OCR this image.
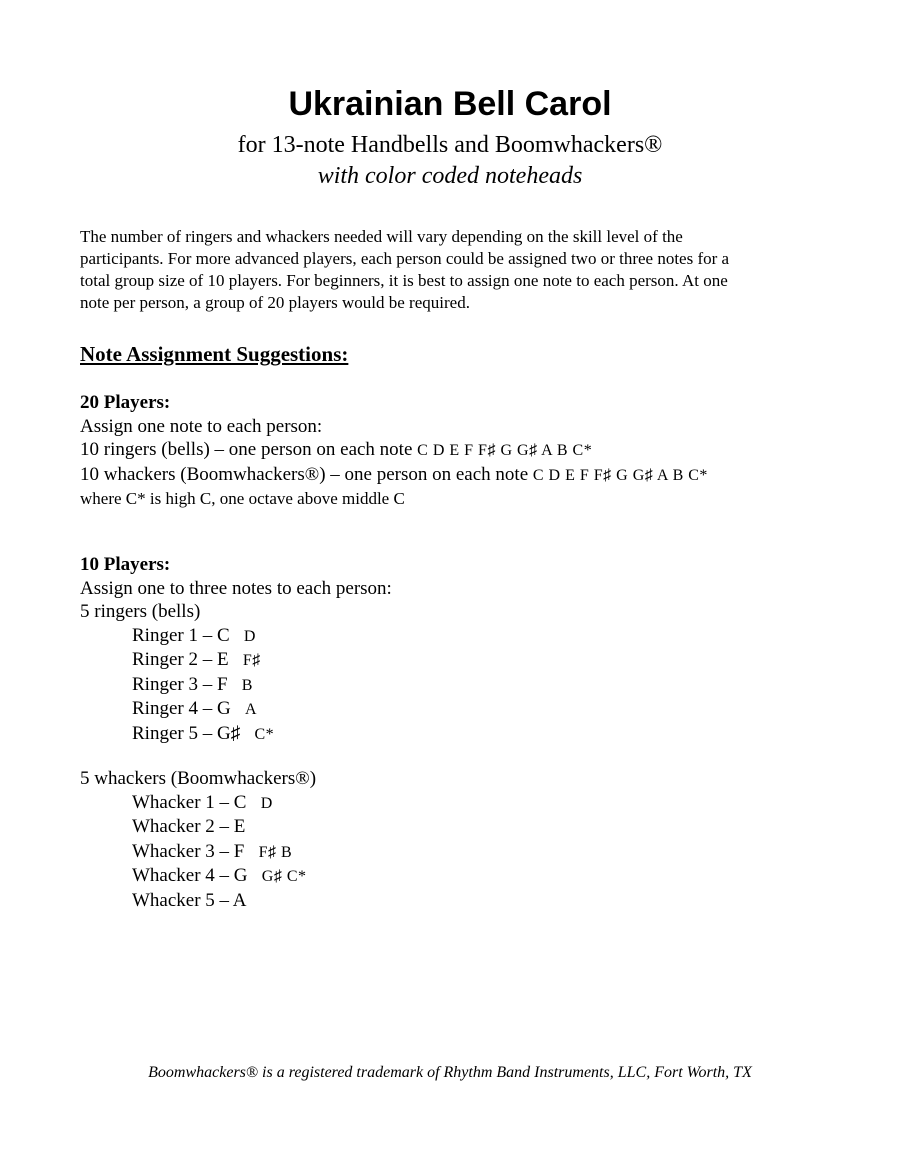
Ukrainian Bell Carol
for 13-note Handbells and Boomwhackers®
with color coded noteheads
The number of ringers and whackers needed will vary depending on the skill level of the
participants. For more advanced players, each person could be assigned two or three notes for a
total group size of 10 players. For beginners, it is best to assign one note to each person. At one
note per person, a group of 20 players would be required.
Note Assignment Suggestions:
20 Players:
Assign one note to each person:
10 ringers (bells) – one person on each note C D E F F♯ G G♯ A B C*
10 whackers (Boomwhackers®) – one person on each note C D E F F♯ G G♯ A B C*
where C* is high C, one octave above middle C
10 Players:
Assign one to three notes to each person:
5 ringers (bells)
Ringer 1 – C D
Ringer 2 – E F♯
Ringer 3 – F B
Ringer 4 – G A
Ringer 5 – G♯ C*
5 whackers (Boomwhackers®)
Whacker 1 – C D
Whacker 2 – E
Whacker 3 – F F♯ B
Whacker 4 – G G♯ C*
Whacker 5 – A
Boomwhackers® is a registered trademark of Rhythm Band Instruments, LLC, Fort Worth, TX
